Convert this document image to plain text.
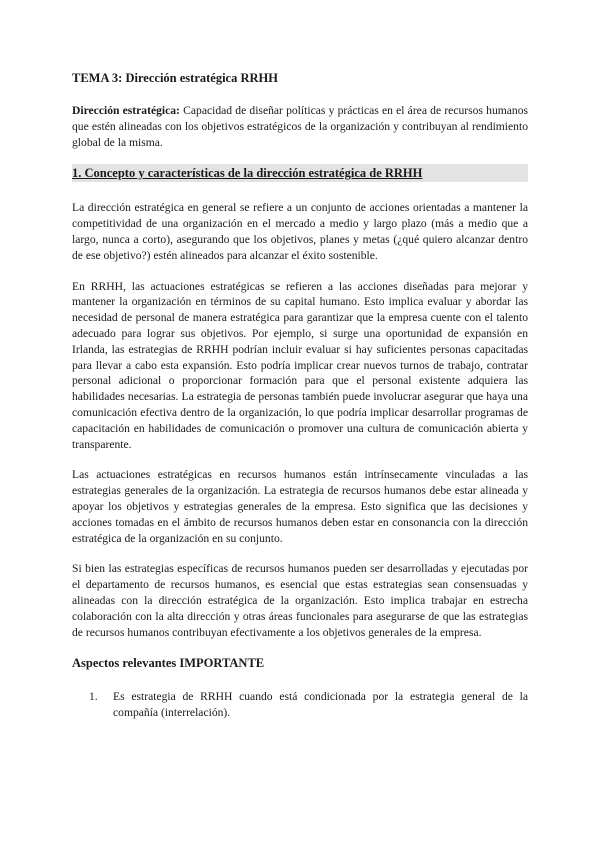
TEMA 3: Dirección estratégica RRHH

Dirección estratégica: Capacidad de diseñar políticas y prácticas en el área de recursos humanos que estén alineadas con los objetivos estratégicos de la organización y contribuyan al rendimiento global de la misma.

1. Concepto y características de la dirección estratégica de RRHH

La dirección estratégica en general se refiere a un conjunto de acciones orientadas a mantener la competitividad de una organización en el mercado a medio y largo plazo (más a medio que a largo, nunca a corto), asegurando que los objetivos, planes y metas (¿qué quiero alcanzar dentro de ese objetivo?) estén alineados para alcanzar el éxito sostenible.

En RRHH, las actuaciones estratégicas se refieren a las acciones diseñadas para mejorar y mantener la organización en términos de su capital humano. Esto implica evaluar y abordar las necesidad de personal de manera estratégica para garantizar que la empresa cuente con el talento adecuado para lograr sus objetivos. Por ejemplo, si surge una oportunidad de expansión en Irlanda, las estrategias de RRHH podrían incluir evaluar si hay suficientes personas capacitadas para llevar a cabo esta expansión. Esto podría implicar crear nuevos turnos de trabajo, contratar personal adicional o proporcionar formación para que el personal existente adquiera las habilidades necesarias. La estrategia de personas también puede involucrar asegurar que haya una comunicación efectiva dentro de la organización, lo que podría implicar desarrollar programas de capacitación en habilidades de comunicación o promover una cultura de comunicación abierta y transparente.

Las actuaciones estratégicas en recursos humanos están intrínsecamente vinculadas a las estrategias generales de la organización. La estrategia de recursos humanos debe estar alineada y apoyar los objetivos y estrategias generales de la empresa. Esto significa que las decisiones y acciones tomadas en el ámbito de recursos humanos deben estar en consonancia con la dirección estratégica de la organización en su conjunto.

Si bien las estrategias específicas de recursos humanos pueden ser desarrolladas y ejecutadas por el departamento de recursos humanos, es esencial que estas estrategias sean consensuadas y alineadas con la dirección estratégica de la organización. Esto implica trabajar en estrecha colaboración con la alta dirección y otras áreas funcionales para asegurarse de que las estrategias de recursos humanos contribuyan efectivamente a los objetivos generales de la empresa.

Aspectos relevantes IMPORTANTE
1. Es estrategia de RRHH cuando está condicionada por la estrategia general de la compañía (interrelación).
